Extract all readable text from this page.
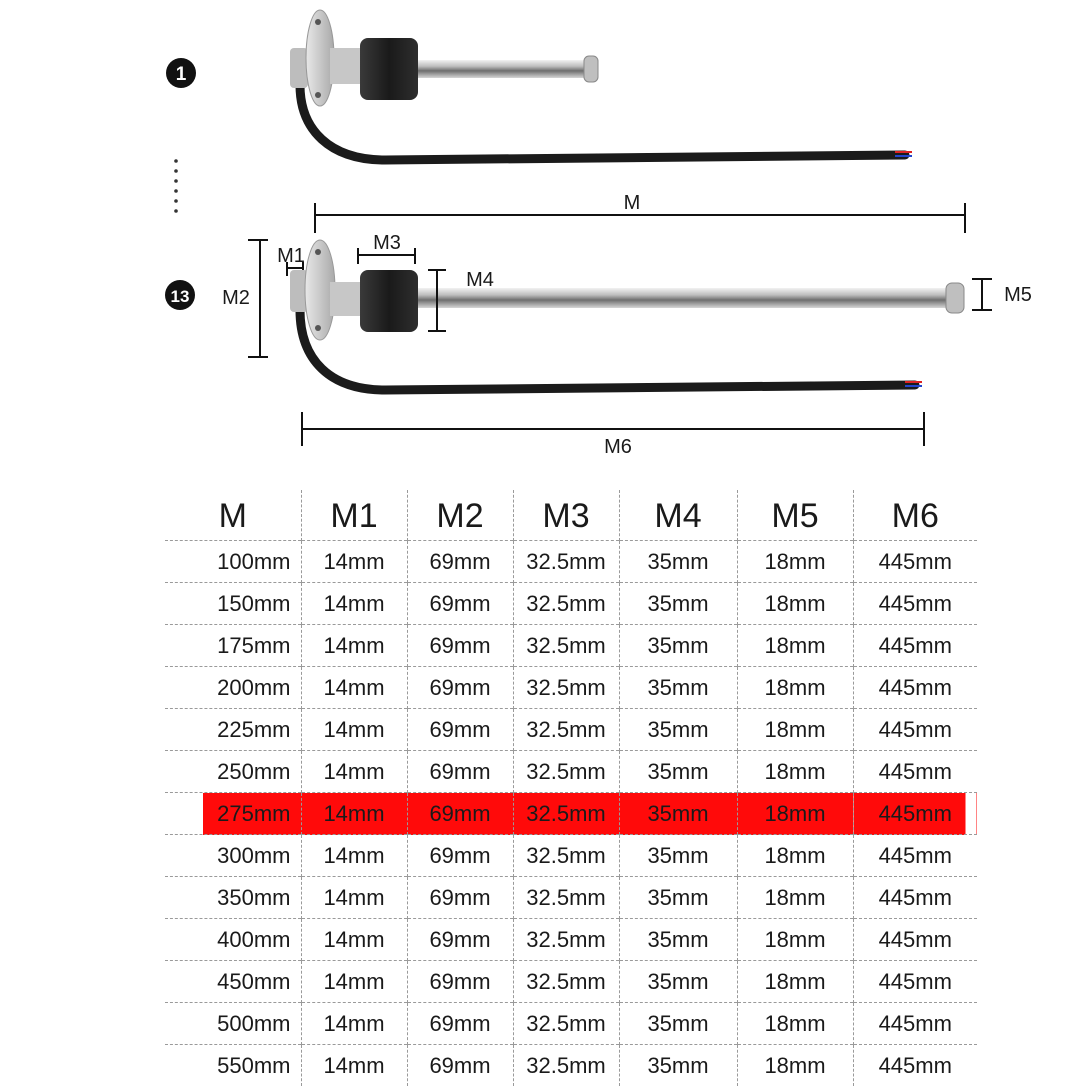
1
M
13 M2
M1
M3
M4
M5
M6
M	M1	M2	M3	M4	M5	M6
100mm	14mm	69mm	32.5mm	35mm	18mm	445mm
150mm	14mm	69mm	32.5mm	35mm	18mm	445mm
175mm	14mm	69mm	32.5mm	35mm	18mm	445mm
200mm	14mm	69mm	32.5mm	35mm	18mm	445mm
225mm	14mm	69mm	32.5mm	35mm	18mm	445mm
250mm	14mm	69mm	32.5mm	35mm	18mm	445mm
275mm	14mm	69mm	32.5mm	35mm	18mm	445mm
300mm	14mm	69mm	32.5mm	35mm	18mm	445mm
350mm	14mm	69mm	32.5mm	35mm	18mm	445mm
400mm	14mm	69mm	32.5mm	35mm	18mm	445mm
450mm	14mm	69mm	32.5mm	35mm	18mm	445mm
500mm	14mm	69mm	32.5mm	35mm	18mm	445mm
550mm	14mm	69mm	32.5mm	35mm	18mm	445mm
